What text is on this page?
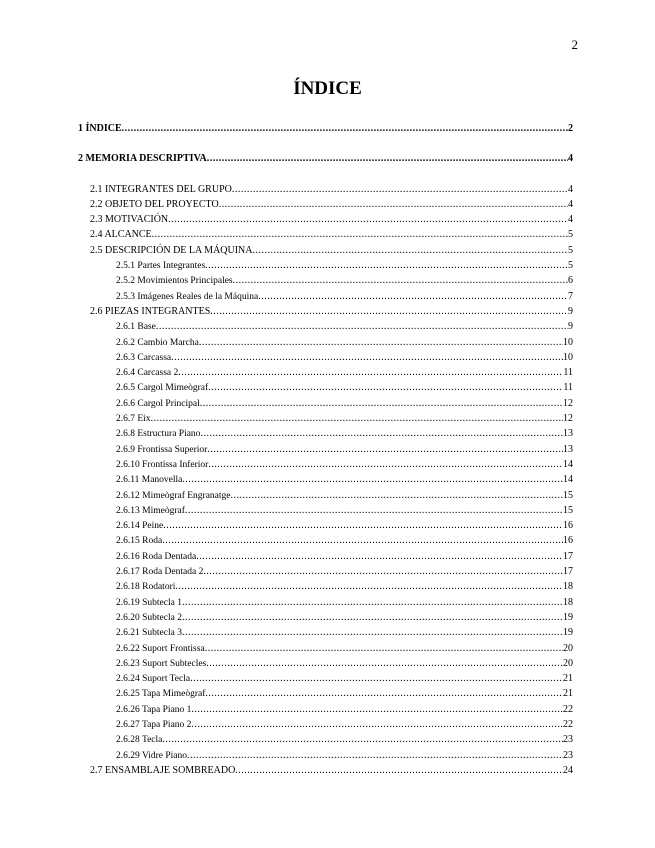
2
ÍNDICE
1 ÍNDICE .....	2
2 MEMORIA DESCRIPTIVA .....	4
2.1 INTEGRANTES DEL GRUPO .....	4
2.2 OBJETO DEL PROYECTO .....	4
2.3 MOTIVACIÓN .....	4
2.4 ALCANCE .....	5
2.5 DESCRIPCIÓN DE LA MÁQUINA .....	5
2.5.1 Partes Integrantes .....	5
2.5.2 Movimientos Principales .....	6
2.5.3 Imágenes Reales de la Máquina .....	7
2.6 PIEZAS INTEGRANTES .....	9
2.6.1 Base .....	9
2.6.2 Cambio Marcha .....	10
2.6.3 Carcassa .....	10
2.6.4 Carcassa 2 .....	11
2.6.5 Cargol Mimeògraf .....	11
2.6.6 Cargol Principal .....	12
2.6.7 Eix .....	12
2.6.8 Estructura Piano .....	13
2.6.9 Frontissa Superior .....	13
2.6.10 Frontissa Inferior .....	14
2.6.11 Manovella .....	14
2.6.12 Mimeògraf Engranatge .....	15
2.6.13 Mimeògraf .....	15
2.6.14 Peine .....	16
2.6.15 Roda .....	16
2.6.16 Roda Dentada .....	17
2.6.17 Roda Dentada 2 .....	17
2.6.18 Rodatori .....	18
2.6.19 Subtecla 1 .....	18
2.6.20 Subtecla 2 .....	19
2.6.21 Subtecla 3 .....	19
2.6.22 Suport Frontissa .....	20
2.6.23 Suport Subtecles .....	20
2.6.24 Suport Tecla .....	21
2.6.25 Tapa Mimeògraf .....	21
2.6.26 Tapa Piano 1 .....	22
2.6.27 Tapa Piano 2 .....	22
2.6.28 Tecla .....	23
2.6.29 Vidre Piano .....	23
2.7 ENSAMBLAJE SOMBREADO .....	24
